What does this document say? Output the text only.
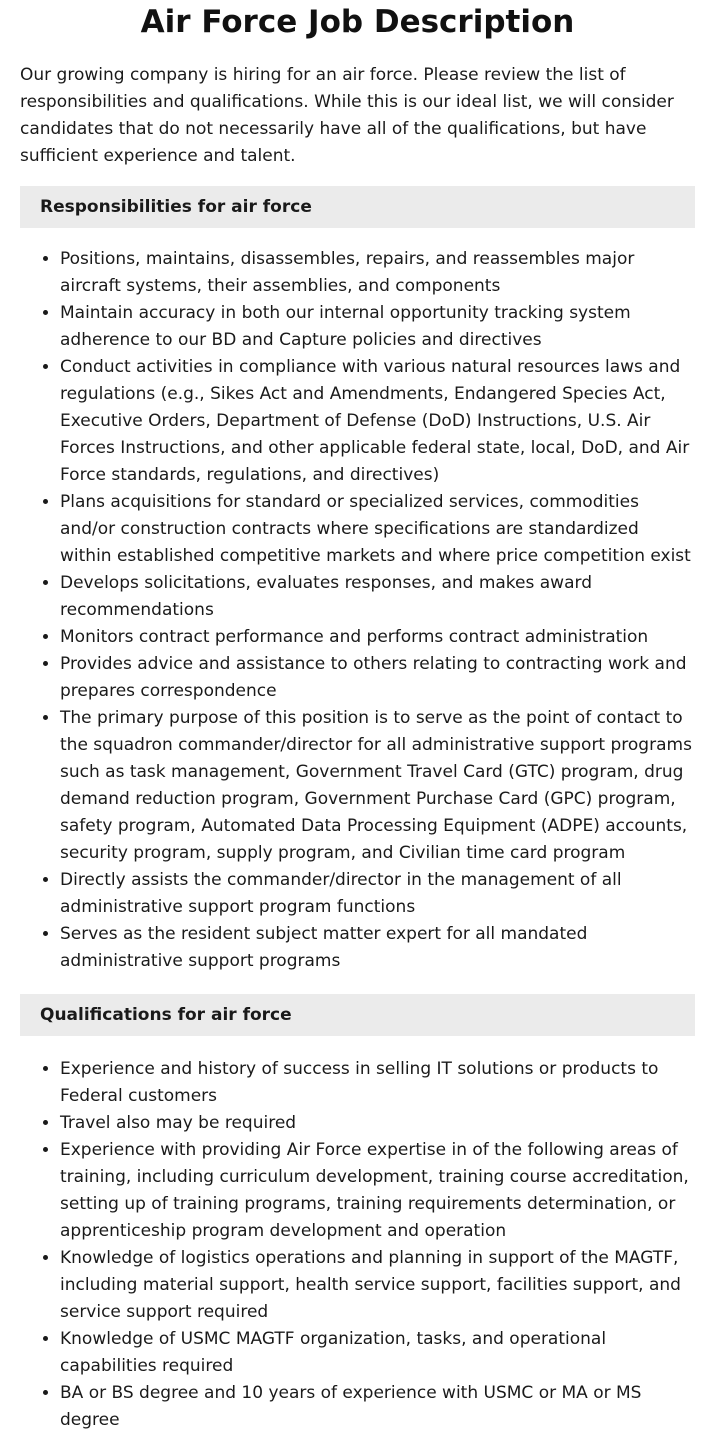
Air Force Job Description

Our growing company is hiring for an air force. Please review the list of responsibilities and qualifications. While this is our ideal list, we will consider candidates that do not necessarily have all of the qualifications, but have sufficient experience and talent.

Responsibilities for air force
• Positions, maintains, disassembles, repairs, and reassembles major aircraft systems, their assemblies, and components
• Maintain accuracy in both our internal opportunity tracking system adherence to our BD and Capture policies and directives
• Conduct activities in compliance with various natural resources laws and regulations (e.g., Sikes Act and Amendments, Endangered Species Act, Executive Orders, Department of Defense (DoD) Instructions, U.S. Air Forces Instructions, and other applicable federal state, local, DoD, and Air Force standards, regulations, and directives)
• Plans acquisitions for standard or specialized services, commodities and/or construction contracts where specifications are standardized within established competitive markets and where price competition exist
• Develops solicitations, evaluates responses, and makes award recommendations
• Monitors contract performance and performs contract administration
• Provides advice and assistance to others relating to contracting work and prepares correspondence
• The primary purpose of this position is to serve as the point of contact to the squadron commander/director for all administrative support programs such as task management, Government Travel Card (GTC) program, drug demand reduction program, Government Purchase Card (GPC) program, safety program, Automated Data Processing Equipment (ADPE) accounts, security program, supply program, and Civilian time card program
• Directly assists the commander/director in the management of all administrative support program functions
• Serves as the resident subject matter expert for all mandated administrative support programs
Qualifications for air force
• Experience and history of success in selling IT solutions or products to Federal customers
• Travel also may be required
• Experience with providing Air Force expertise in of the following areas of training, including curriculum development, training course accreditation, setting up of training programs, training requirements determination, or apprenticeship program development and operation
• Knowledge of logistics operations and planning in support of the MAGTF, including material support, health service support, facilities support, and service support required
• Knowledge of USMC MAGTF organization, tasks, and operational capabilities required
• BA or BS degree and 10 years of experience with USMC or MA or MS degree
